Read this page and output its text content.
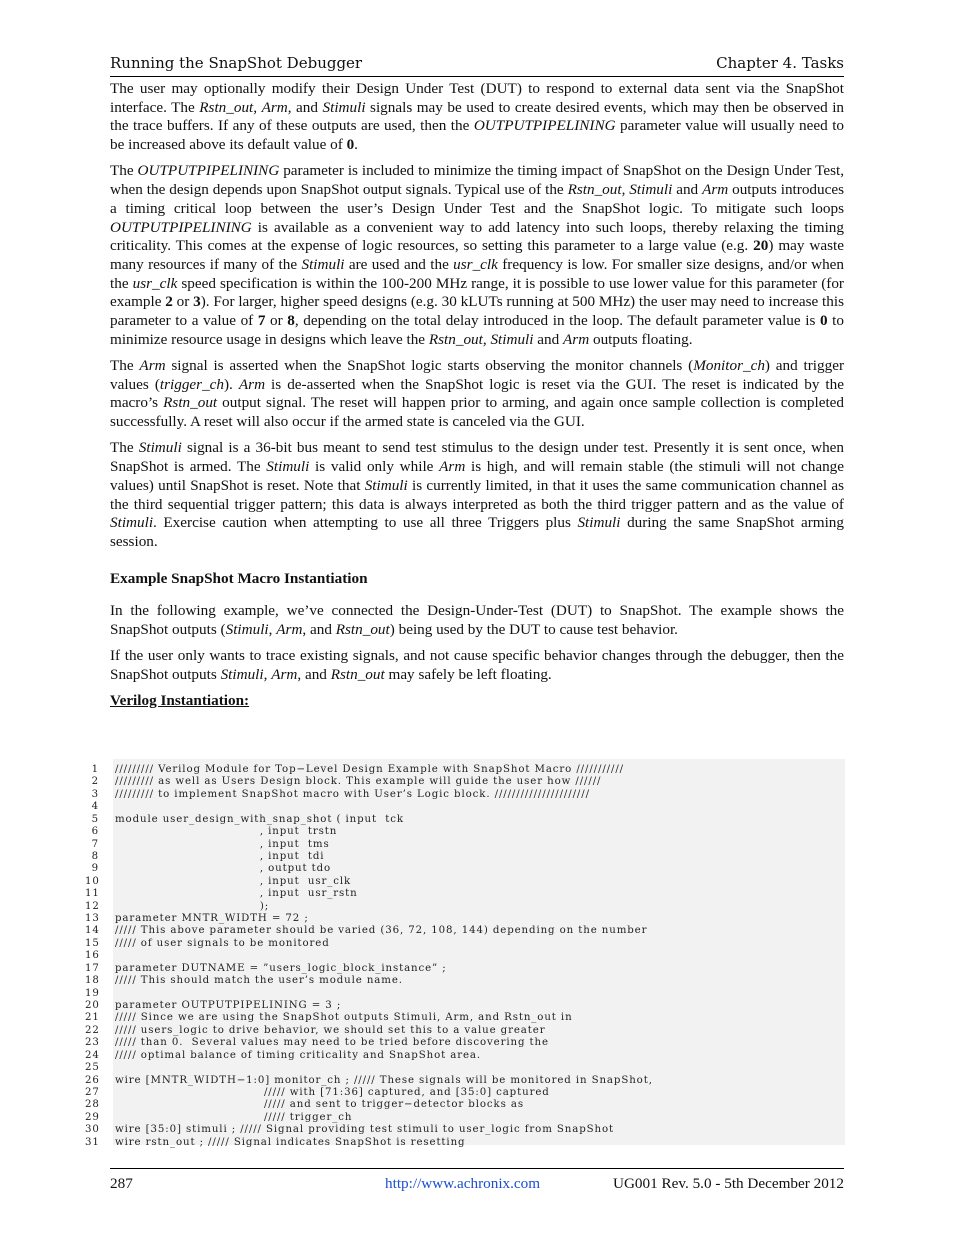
Running the SnapShot Debugger	Chapter 4. Tasks

The user may optionally modify their Design Under Test (DUT) to respond to external data sent via the SnapShot interface. The Rstn_out, Arm, and Stimuli signals may be used to create desired events, which may then be observed in the trace buffers. If any of these outputs are used, then the OUTPUTPIPELINING parameter value will usually need to be increased above its default value of 0.

The OUTPUTPIPELINING parameter is included to minimize the timing impact of SnapShot on the Design Under Test, when the design depends upon SnapShot output signals. Typical use of the Rstn_out, Stimuli and Arm outputs introduces a timing critical loop between the user’s Design Under Test and the SnapShot logic. To mitigate such loops OUTPUTPIPELINING is available as a convenient way to add latency into such loops, thereby relaxing the timing criticality. This comes at the expense of logic resources, so setting this parameter to a large value (e.g. 20) may waste many resources if many of the Stimuli are used and the usr_clk frequency is low. For smaller size designs, and/or when the usr_clk speed specification is within the 100-200 MHz range, it is possible to use lower value for this parameter (for example 2 or 3). For larger, higher speed designs (e.g. 30 kLUTs running at 500 MHz) the user may need to increase this parameter to a value of 7 or 8, depending on the total delay introduced in the loop. The default parameter value is 0 to minimize resource usage in designs which leave the Rstn_out, Stimuli and Arm outputs floating.

The Arm signal is asserted when the SnapShot logic starts observing the monitor channels (Monitor_ch) and trigger values (trigger_ch). Arm is de-asserted when the SnapShot logic is reset via the GUI. The reset is indicated by the macro’s Rstn_out output signal. The reset will happen prior to arming, and again once sample collection is completed successfully. A reset will also occur if the armed state is canceled via the GUI.

The Stimuli signal is a 36-bit bus meant to send test stimulus to the design under test. Presently it is sent once, when SnapShot is armed. The Stimuli is valid only while Arm is high, and will remain stable (the stimuli will not change values) until SnapShot is reset. Note that Stimuli is currently limited, in that it uses the same communication channel as the third sequential trigger pattern; this data is always interpreted as both the third trigger pattern and as the value of Stimuli. Exercise caution when attempting to use all three Triggers plus Stimuli during the same SnapShot arming session.

Example SnapShot Macro Instantiation

In the following example, we’ve connected the Design-Under-Test (DUT) to SnapShot. The example shows the SnapShot outputs (Stimuli, Arm, and Rstn_out) being used by the DUT to cause test behavior.

If the user only wants to trace existing signals, and not cause specific behavior changes through the debugger, then the SnapShot outputs Stimuli, Arm, and Rstn_out may safely be left floating.

Verilog Instantiation:
1 ///////// Verilog Module for Top−Level Design Example with SnapShot Macro ///////////
2 ///////// as well as Users Design block. This example will guide the user how //////
3 ///////// to implement SnapShot macro with User’s Logic block. //////////////////////
4
5 module user_design_with_snap_shot ( input  tck
6 , input  trstn
7 , input  tms
8 , input  tdi
9 , output tdo
10 , input  usr_clk
11 , input  usr_rstn
12 );
13 parameter MNTR_WIDTH = 72 ;
14 ///// This above parameter should be varied (36, 72, 108, 144) depending on the number
15 ///// of user signals to be monitored
16
17 parameter DUTNAME = ”users_logic_block_instance” ;
18 ///// This should match the user’s module name.
19
20 parameter OUTPUTPIPELINING = 3 ;
21 ///// Since we are using the SnapShot outputs Stimuli, Arm, and Rstn_out in
22 ///// users_logic to drive behavior, we should set this to a value greater
23 ///// than 0.  Several values may need to be tried before discovering the
24 ///// optimal balance of timing criticality and SnapShot area.
25
26 wire [MNTR_WIDTH−1:0] monitor_ch ; ///// These signals will be monitored in SnapShot,
27 ///// with [71:36] captured, and [35:0] captured
28 ///// and sent to trigger−detector blocks as
29 ///// trigger_ch
30 wire [35:0] stimuli ; ///// Signal providing test stimuli to user_logic from SnapShot
31 wire rstn_out ; ///// Signal indicates SnapShot is resetting
287	http://www.achronix.com	UG001 Rev. 5.0 - 5th December 2012
